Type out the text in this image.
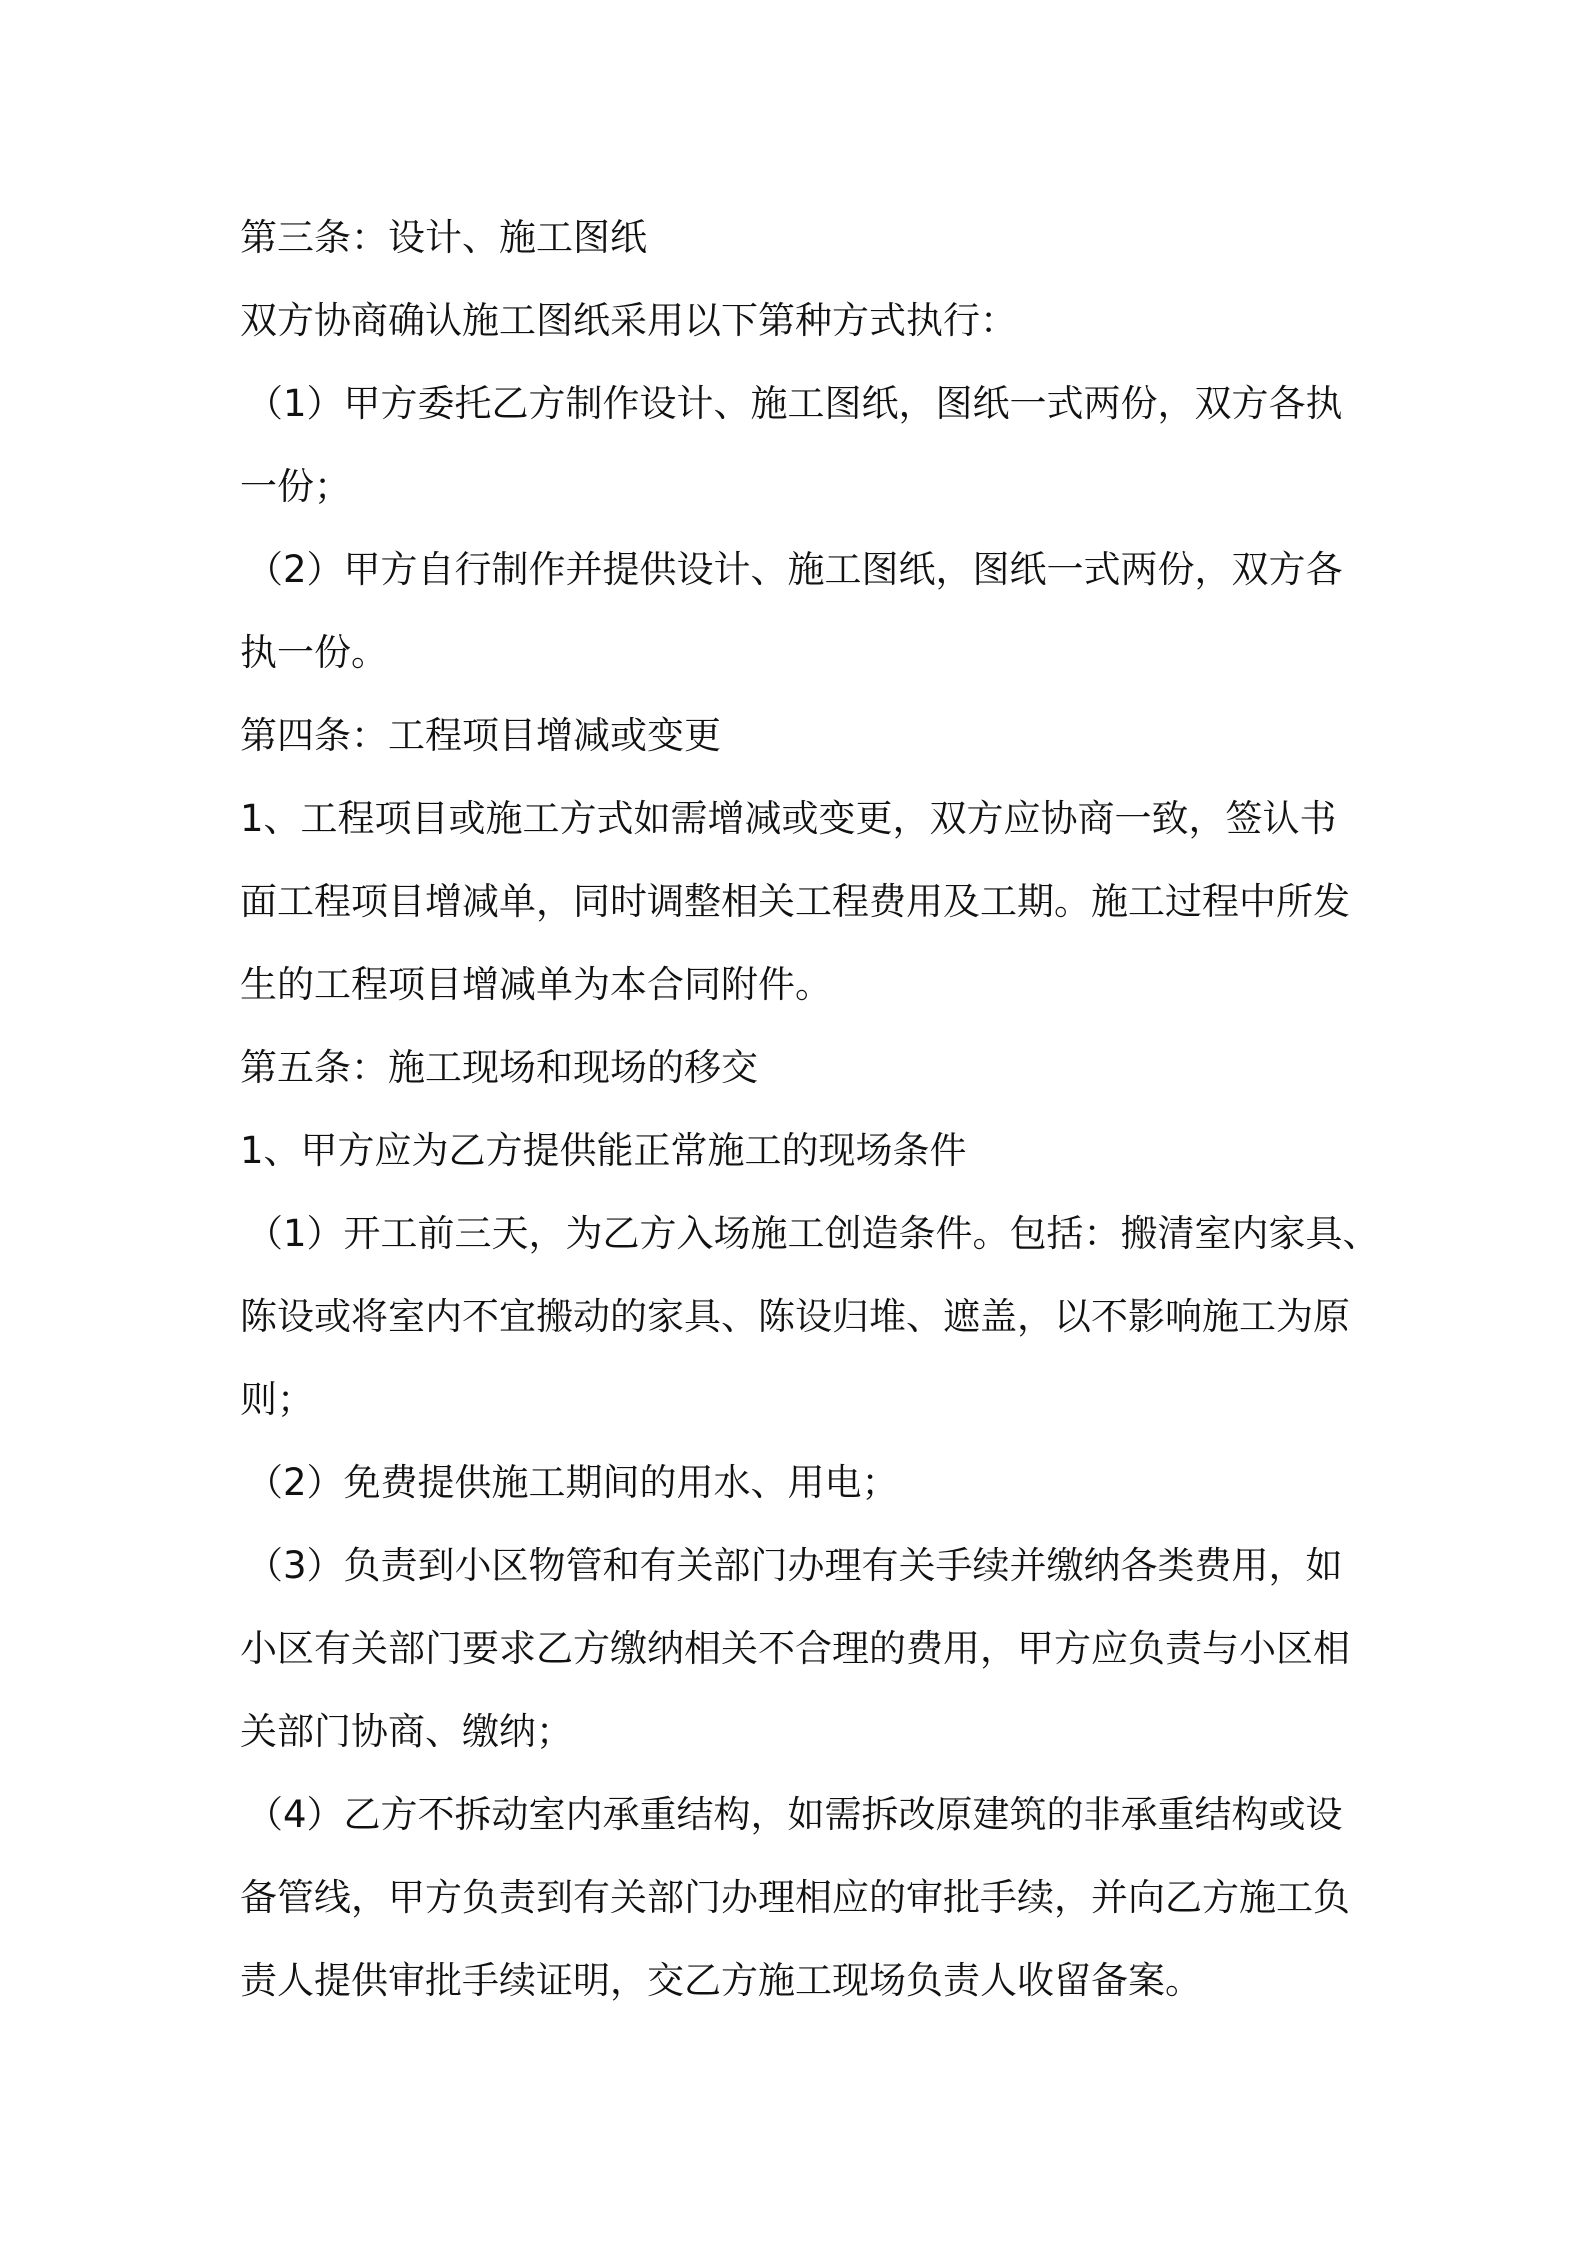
第三条：设计、施工图纸
双方协商确认施工图纸采用以下第种方式执行：
（1）甲方委托乙方制作设计、施工图纸，图纸一式两份，双方各执
一份；
（2）甲方自行制作并提供设计、施工图纸，图纸一式两份，双方各
执一份。
第四条：工程项目增减或变更
1、工程项目或施工方式如需增减或变更，双方应协商一致，签认书
面工程项目增减单，同时调整相关工程费用及工期。施工过程中所发
生的工程项目增减单为本合同附件。
第五条：施工现场和现场的移交
1、甲方应为乙方提供能正常施工的现场条件
（1）开工前三天，为乙方入场施工创造条件。包括：搬清室内家具、
陈设或将室内不宜搬动的家具、陈设归堆、遮盖，以不影响施工为原
则；
（2）免费提供施工期间的用水、用电；
（3）负责到小区物管和有关部门办理有关手续并缴纳各类费用，如
小区有关部门要求乙方缴纳相关不合理的费用，甲方应负责与小区相
关部门协商、缴纳；
（4）乙方不拆动室内承重结构，如需拆改原建筑的非承重结构或设
备管线，甲方负责到有关部门办理相应的审批手续，并向乙方施工负
责人提供审批手续证明，交乙方施工现场负责人收留备案。
